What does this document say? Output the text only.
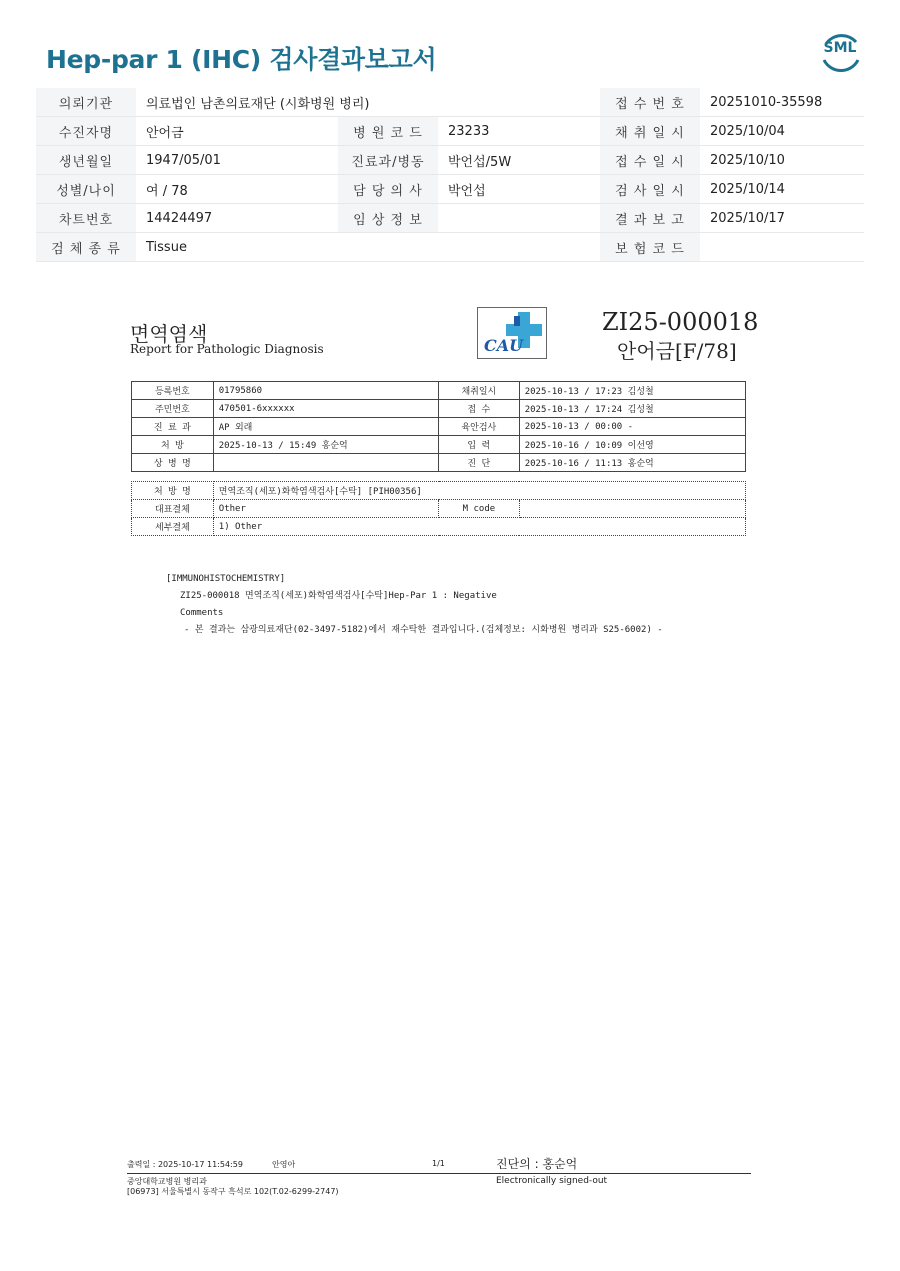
Hep-par 1 (IHC) 검사결과보고서	SML
의뢰기관	의료법인 남촌의료재단 (시화병원 병리)			접 수 번 호	20251010-35598
수진자명	안어금	병 원 코 드	23233	채 취 일 시	2025/10/04
생년월일	1947/05/01	진료과/병동	박언섭/5W	접 수 일 시	2025/10/10
성별/나이	여 / 78	담 당 의 사	박언섭	검 사 일 시	2025/10/14
차트번호	14424497	임 상 정 보		결 과 보 고	2025/10/17
검 체 종 류	Tissue			보 험 코 드	
면역염색
Report for Pathologic Diagnosis	CAU
ZI25-000018
안어금[F/78]
등록번호	01795860	채취일시	2025-10-13 / 17:23 김성철
주민번호	470501-6xxxxxx	접 수	2025-10-13 / 17:24 김성철
진 료 과	AP 외래	육안검사	2025-10-13 / 00:00 -
처 방	2025-10-13 / 15:49 홍순억	입 력	2025-10-16 / 10:09 이선영
상 병 명		진 단	2025-10-16 / 11:13 홍순억
처 방 명	면역조직(세포)화학염색검사[수탁] [PIH00356]		
대표결체	Other	M code	
세부결체	1) Other		
[IMMUNOHISTOCHEMISTRY]
ZI25-000018 면역조직(세포)화학염색검사[수탁]Hep-Par 1 : Negative
Comments
- 본 결과는 삼광의료재단(02-3497-5182)에서 재수탁한 결과입니다.(검체정보: 시화병원 병리과 S25-6002) -
출력일 : 2025-10-17 11:54:59	안영아	1/1	진단의 : 홍순억
중앙대학교병원 병리과
[06973] 서울특별시 동작구 흑석로 102(T.02-6299-2747)
Electronically signed-out
